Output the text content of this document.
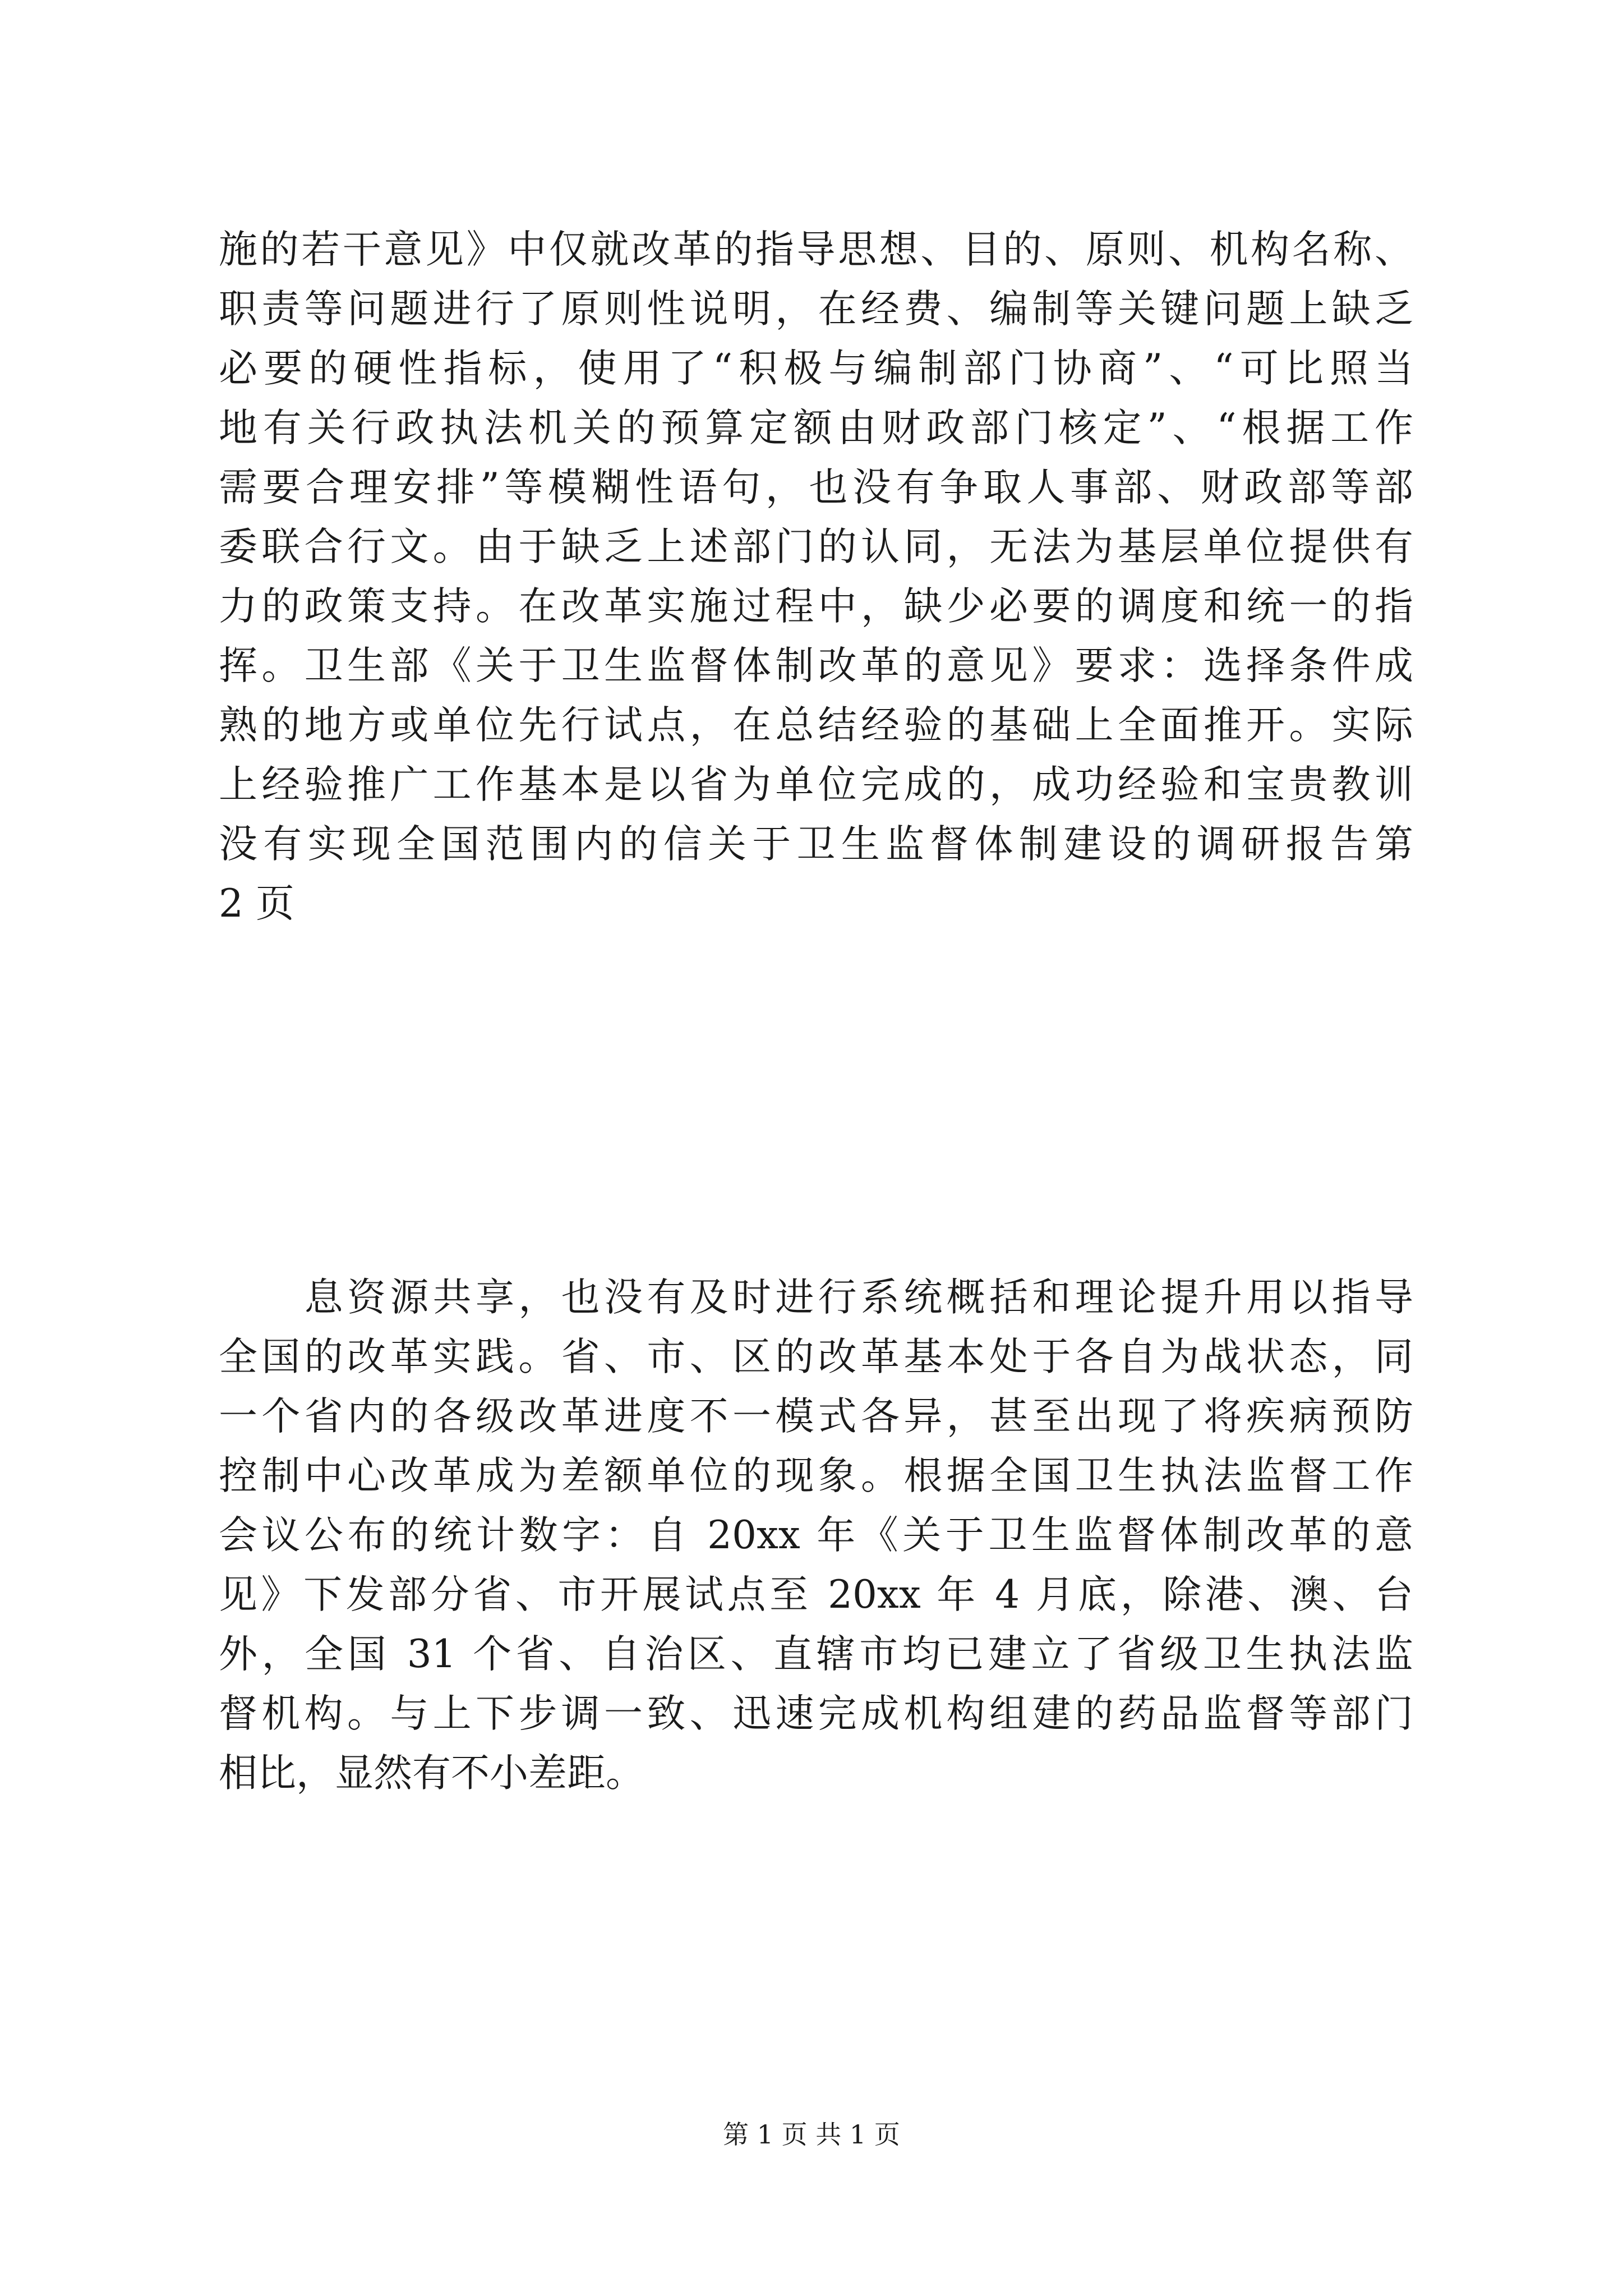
施的若干意见》中仅就改革的指导思想、目的、原则、机构名称、
职责等问题进行了原则性说明，在经费、编制等关键问题上缺乏
必要的硬性指标，使用了“积极与编制部门协商”、“可比照当
地有关行政执法机关的预算定额由财政部门核定”、“根据工作
需要合理安排”等模糊性语句，也没有争取人事部、财政部等部
委联合行文。由于缺乏上述部门的认同，无法为基层单位提供有
力的政策支持。在改革实施过程中，缺少必要的调度和统一的指
挥。卫生部《关于卫生监督体制改革的意见》要求：选择条件成
熟的地方或单位先行试点，在总结经验的基础上全面推开。实际
上经验推广工作基本是以省为单位完成的，成功经验和宝贵教训
没有实现全国范围内的信关于卫生监督体制建设的调研报告第
2 页
　　息资源共享，也没有及时进行系统概括和理论提升用以指导
全国的改革实践。省、市、区的改革基本处于各自为战状态，同
一个省内的各级改革进度不一模式各异，甚至出现了将疾病预防
控制中心改革成为差额单位的现象。根据全国卫生执法监督工作
会议公布的统计数字：自 20xx 年《关于卫生监督体制改革的意
见》下发部分省、市开展试点至 20xx 年 4 月底，除港、澳、台
外，全国 31 个省、自治区、直辖市均已建立了省级卫生执法监
督机构。与上下步调一致、迅速完成机构组建的药品监督等部门
相比，显然有不小差距。
第 1 页 共 1 页
